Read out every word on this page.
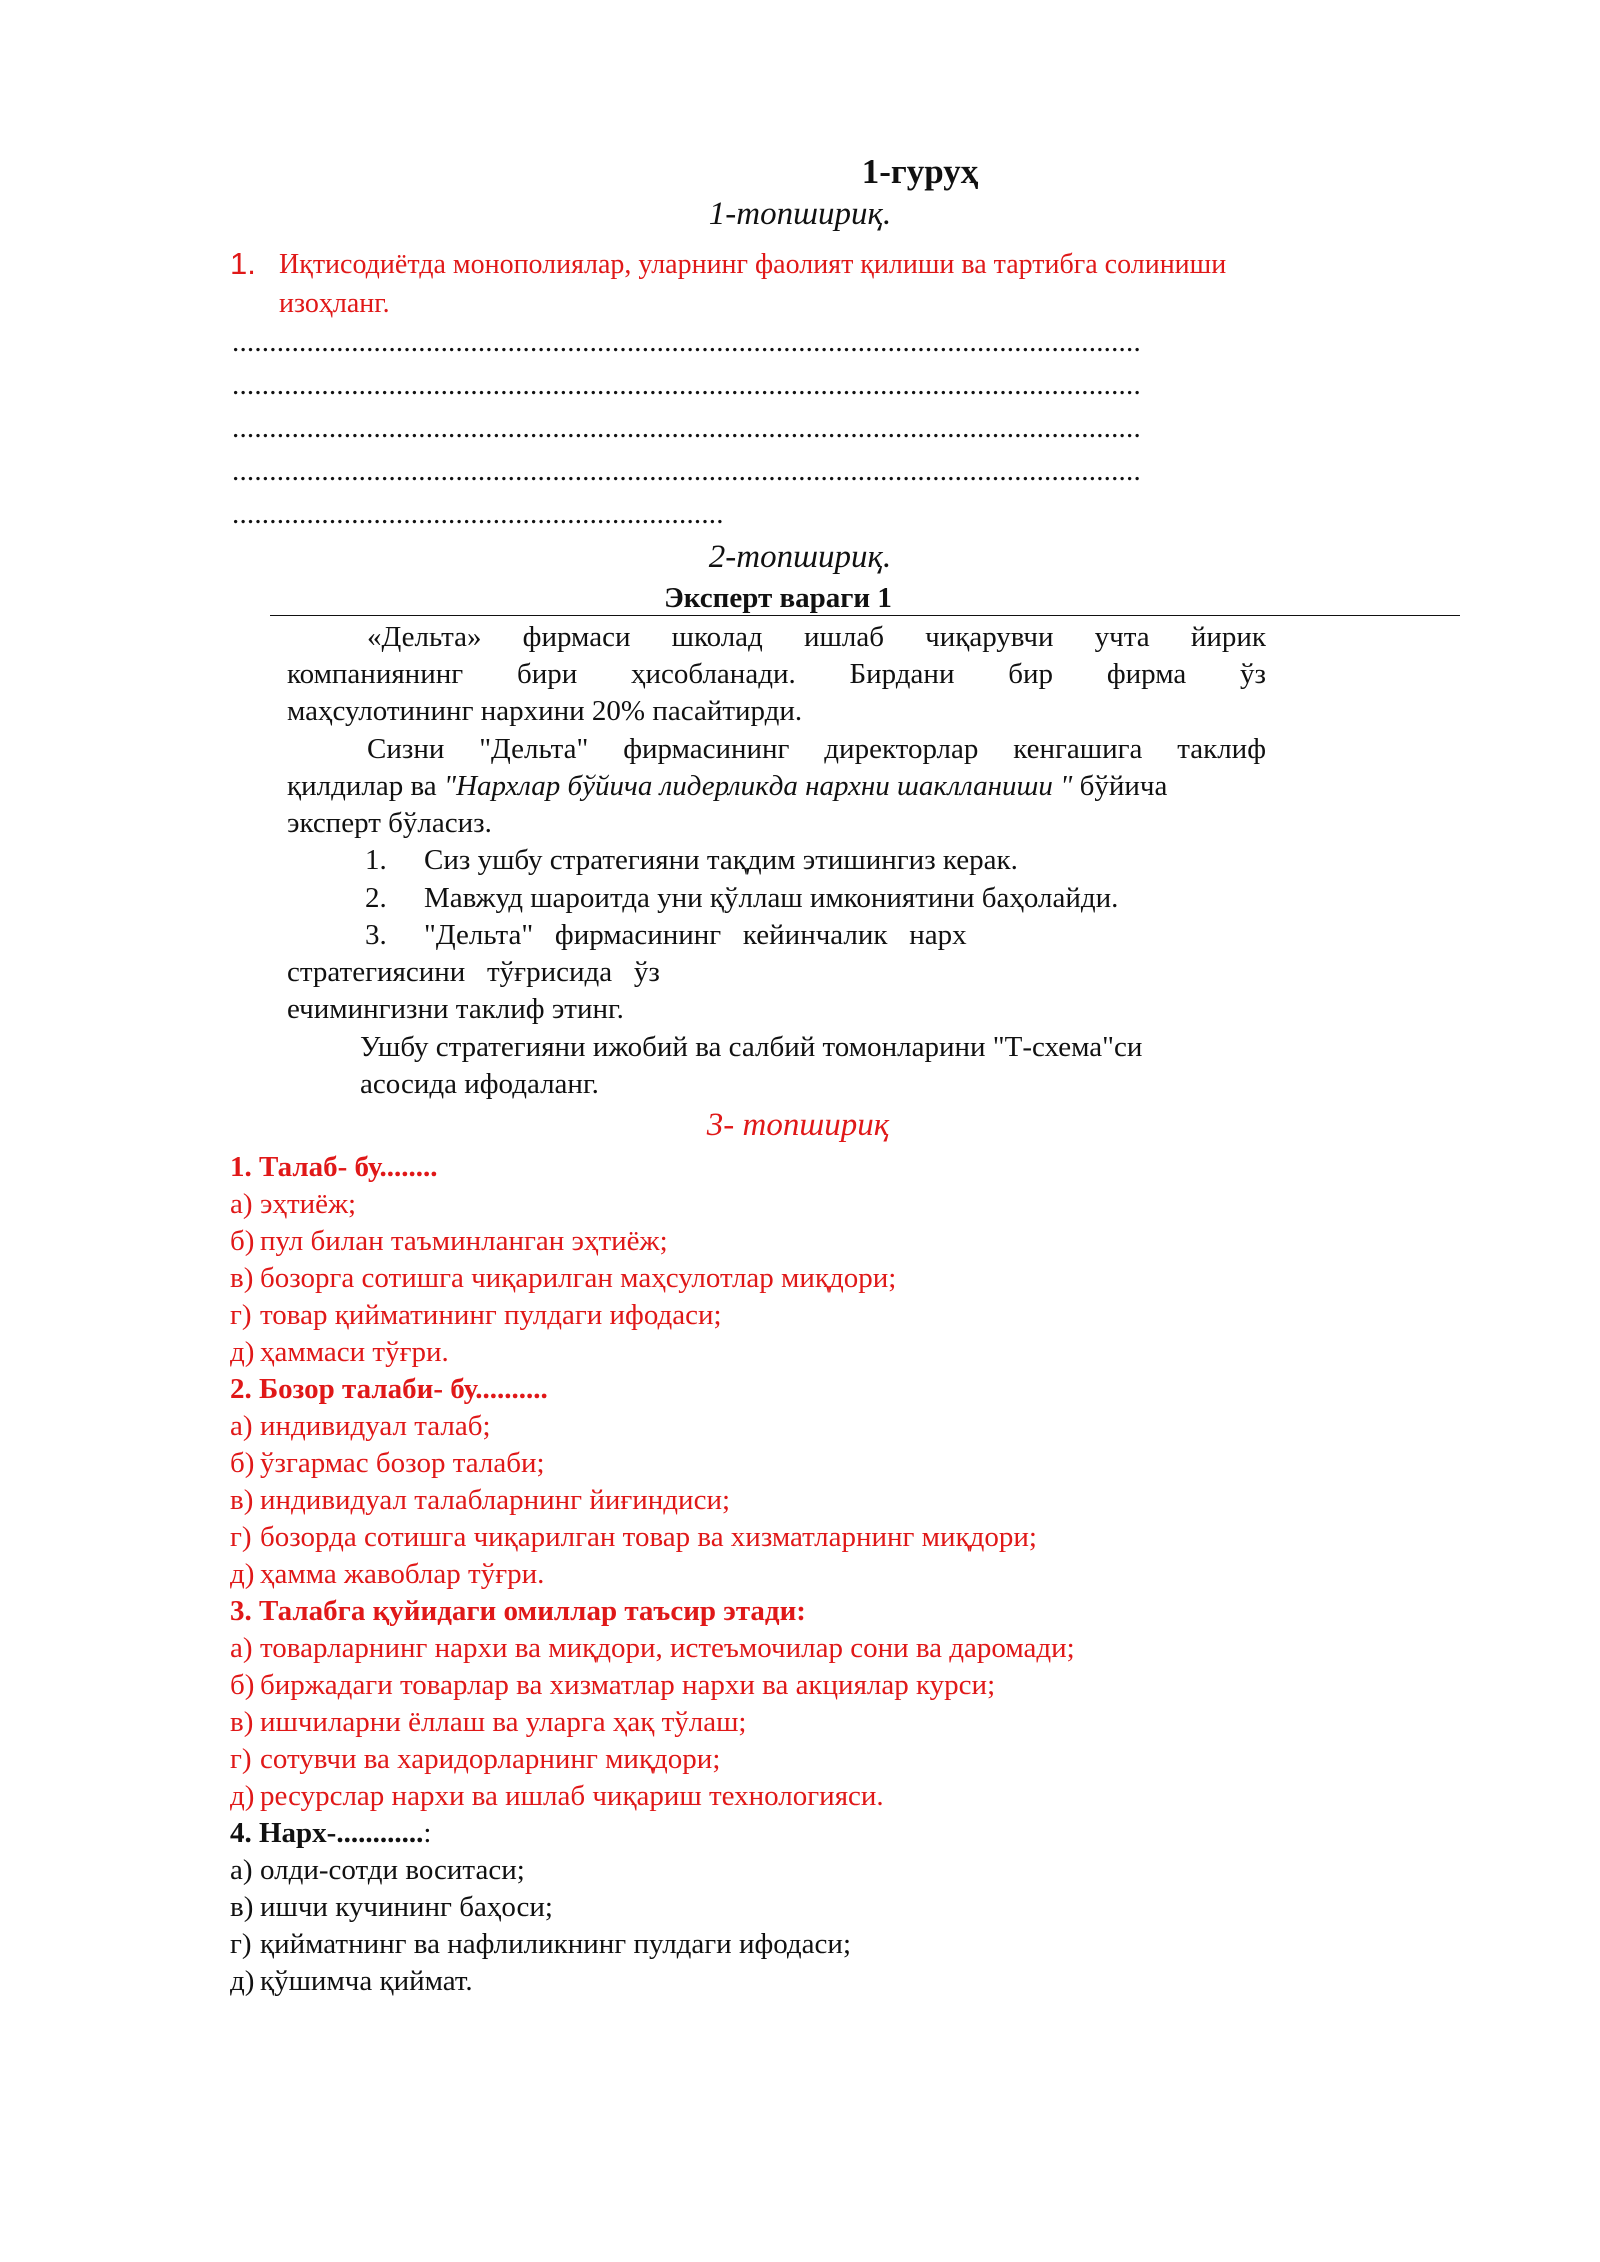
1-гуруҳ
1-топшириқ.
1. Иқтисодиётда монополиялар, уларнинг фаолият қилиши ва тартибга солиниши
изоҳланг.
..........................................................................................................................
..........................................................................................................................
..........................................................................................................................
..........................................................................................................................
..................................................................
2-топшириқ.
Эксперт вараги 1
«Дельта» фирмаси школад ишлаб чиқарувчи учта йирик
компаниянинг бири ҳисобланади. Бирдани бир фирма ўз
маҳсулотининг нархини 20% пасайтирди.
Сизни "Дельта" фирмасининг директорлар кенгашига таклиф
қилдилар ва "Нархлар бўйича лидерликда нархни шаклланиши " бўйича
эксперт бўласиз.
1. Сиз ушбу стратегияни тақдим этишингиз керак.
2. Мавжуд шароитда уни қўллаш имкониятини баҳолайди.
3. "Дельта"   фирмасининг   кейинчалик   нарх
стратегиясини   тўғрисида   ўз
ечимингизни таклиф этинг.
Ушбу стратегияни ижобий ва салбий томонларини "Т-схема"си
асосида ифодаланг.
3- топшириқ
1. Талаб- бу........
а) эҳтиёж;
б) пул билан таъминланган эҳтиёж;
в) бозорга сотишга чиқарилган маҳсулотлар миқдори;
г) товар қийматининг пулдаги ифодаси;
д) ҳаммаси тўғри.
2. Бозор талаби- бу..........
а) индивидуал талаб;
б) ўзгармас бозор талаби;
в) индивидуал талабларнинг йиғиндиси;
г) бозорда сотишга чиқарилган товар ва хизматларнинг миқдори;
д) ҳамма жавоблар тўғри.
3. Талабга қуйидаги омиллар таъсир этади:
а) товарларнинг нархи ва миқдори, истеъмочилар сони ва даромади;
б) биржадаги товарлар ва хизматлар нархи ва акциялар курси;
в) ишчиларни ёллаш ва уларга ҳақ тўлаш;
г) сотувчи ва харидорларнинг миқдори;
д) ресурслар нархи ва ишлаб чиқариш технологияси.
4. Нарх-............:
а) олди-сотди воситаси;
в) ишчи кучининг баҳоси;
г) қийматнинг ва нафлиликнинг пулдаги ифодаси;
д) қўшимча қиймат.
